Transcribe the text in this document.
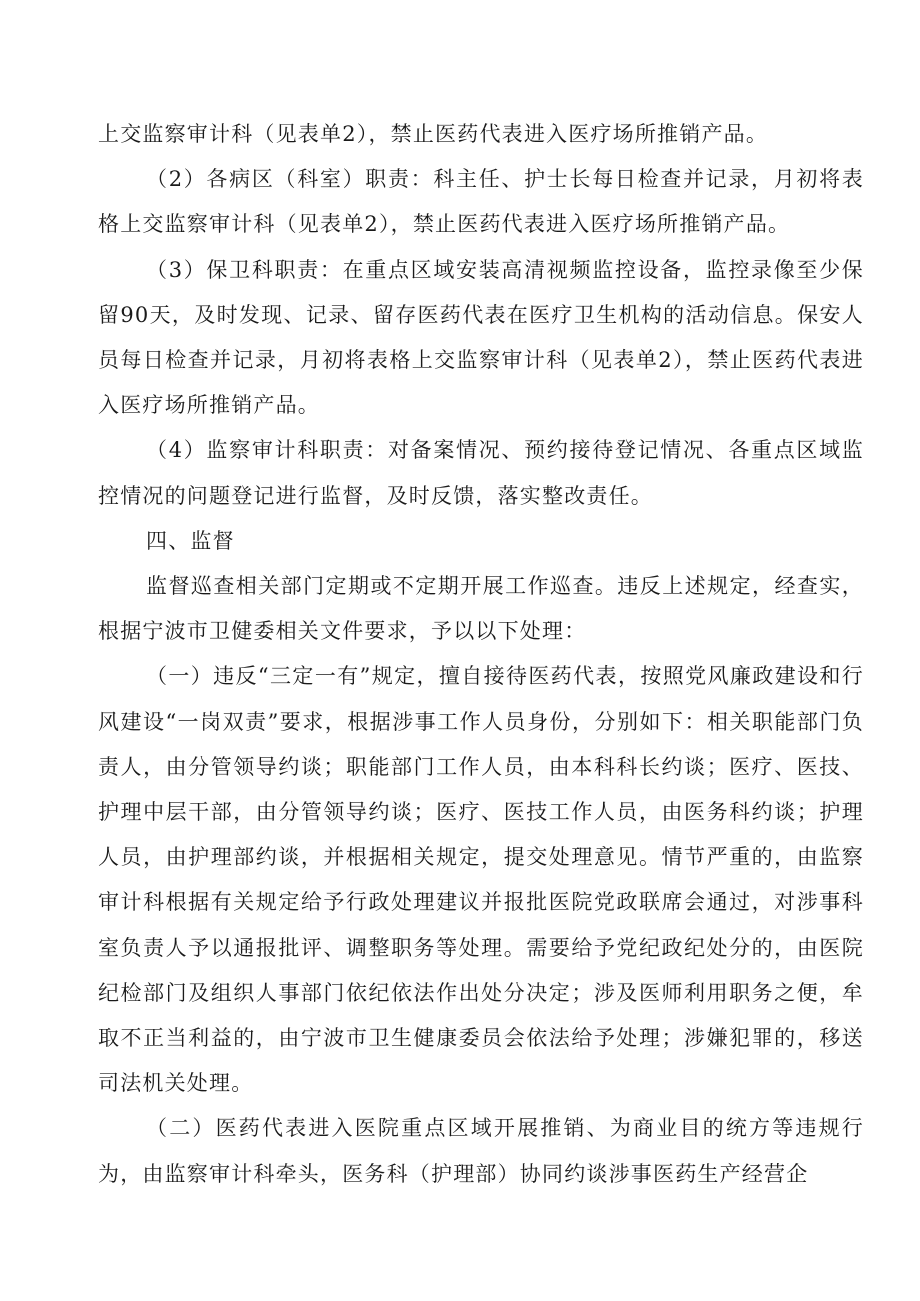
上交监察审计科（见表单2），禁止医药代表进入医疗场所推销产品。

（2）各病区（科室）职责：科主任、护士长每日检查并记录，月初将表格上交监察审计科（见表单2），禁止医药代表进入医疗场所推销产品。

（3）保卫科职责：在重点区域安装高清视频监控设备，监控录像至少保留90天，及时发现、记录、留存医药代表在医疗卫生机构的活动信息。保安人员每日检查并记录，月初将表格上交监察审计科（见表单2），禁止医药代表进入医疗场所推销产品。

（4）监察审计科职责：对备案情况、预约接待登记情况、各重点区域监控情况的问题登记进行监督，及时反馈，落实整改责任。

四、监督

监督巡查相关部门定期或不定期开展工作巡查。违反上述规定，经查实，根据宁波市卫健委相关文件要求，予以以下处理：

（一）违反“三定一有”规定，擅自接待医药代表，按照党风廉政建设和行风建设“一岗双责”要求，根据涉事工作人员身份，分别如下：相关职能部门负责人，由分管领导约谈；职能部门工作人员，由本科科长约谈；医疗、医技、护理中层干部，由分管领导约谈；医疗、医技工作人员，由医务科约谈；护理人员，由护理部约谈，并根据相关规定，提交处理意见。情节严重的，由监察审计科根据有关规定给予行政处理建议并报批医院党政联席会通过，对涉事科室负责人予以通报批评、调整职务等处理。需要给予党纪政纪处分的，由医院纪检部门及组织人事部门依纪依法作出处分决定；涉及医师利用职务之便，牟取不正当利益的，由宁波市卫生健康委员会依法给予处理；涉嫌犯罪的，移送司法机关处理。

（二）医药代表进入医院重点区域开展推销、为商业目的统方等违规行为，由监察审计科牵头，医务科（护理部）协同约谈涉事医药生产经营企
